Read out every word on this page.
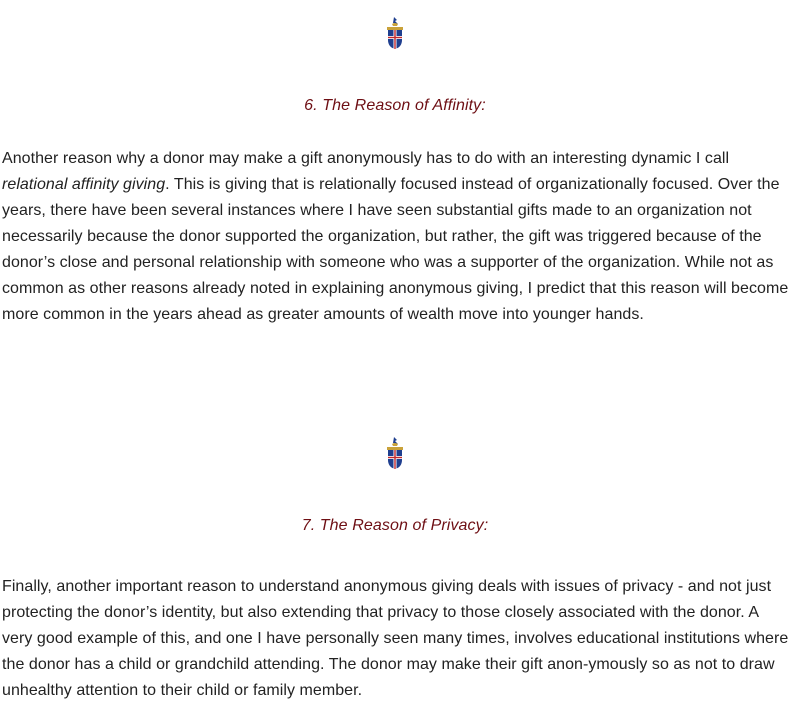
6. The Reason of Affinity:

Another reason why a donor may make a gift anonymously has to do with an interesting dynamic I call relational affinity giving. This is giving that is relationally focused instead of organizationally focused. Over the years, there have been several instances where I have seen substantial gifts made to an organization not necessarily because the donor supported the organization, but rather, the gift was triggered because of the donor’s close and personal relationship with someone who was a supporter of the organization. While not as common as other reasons already noted in explaining anonymous giving, I predict that this reason will become more common in the years ahead as greater amounts of wealth move into younger hands.

7. The Reason of Privacy:

Finally, another important reason to understand anonymous giving deals with issues of privacy - and not just protecting the donor’s identity, but also extending that privacy to those closely associated with the donor. A very good example of this, and one I have personally seen many times, involves educational institutions where the donor has a child or grandchild attending. The donor may make their gift anon-ymously so as not to draw unhealthy attention to their child or family member.
